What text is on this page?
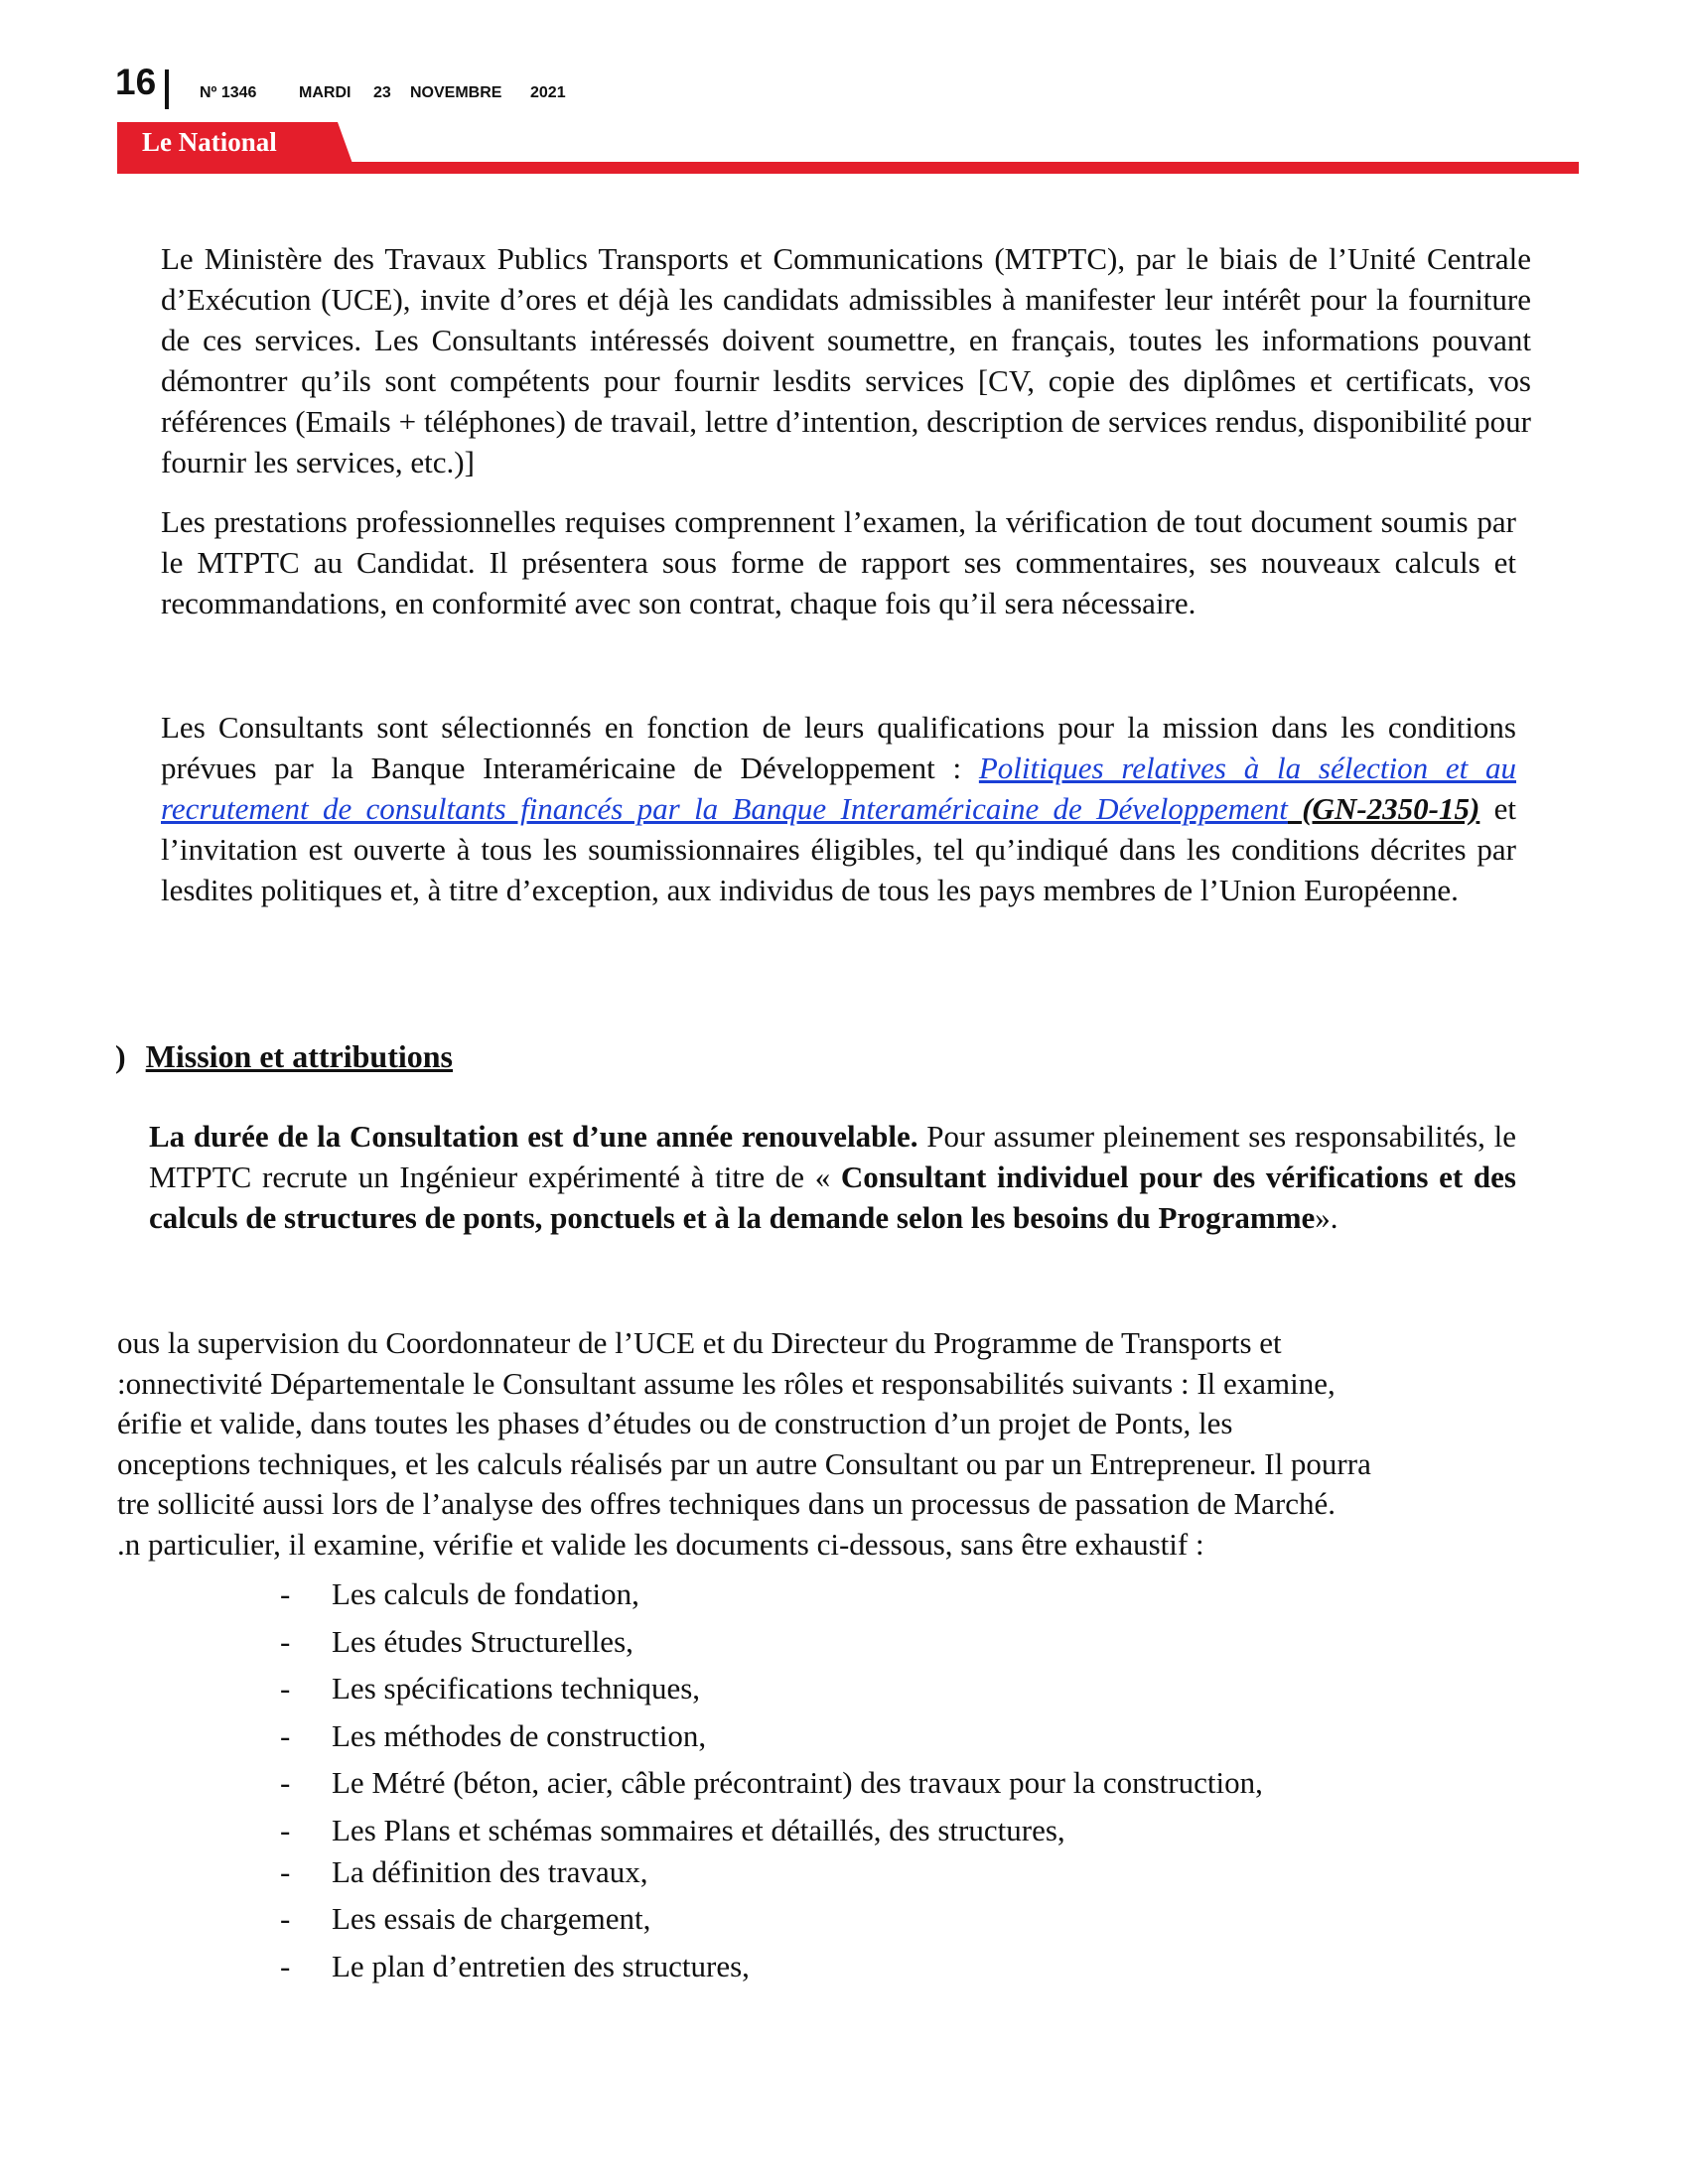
16	Nº 1346	MARDI 23 NOVEMBRE 2021
Le National

Le Ministère des Travaux Publics Transports et Communications (MTPTC), par le biais de l’Unité Centrale d’Exécution (UCE), invite d’ores et déjà les candidats admissibles à manifester leur intérêt pour la fourniture de ces services. Les Consultants intéressés doivent soumettre, en français, toutes les informations pouvant démontrer qu’ils sont compétents pour fournir lesdits services [CV, copie des diplômes et certificats, vos références (Emails + téléphones) de travail, lettre d’intention, description de services rendus, disponibilité pour fournir les services, etc.)]

Les prestations professionnelles requises comprennent l’examen, la vérification de tout document soumis par le MTPTC au Candidat. Il présentera sous forme de rapport ses commentaires, ses nouveaux calculs et recommandations, en conformité avec son contrat, chaque fois qu’il sera nécessaire.

Les Consultants sont sélectionnés en fonction de leurs qualifications pour la mission dans les conditions prévues par la Banque Interaméricaine de Développement : Politiques relatives à la sélection et au recrutement de consultants financés par la Banque Interaméricaine de Développement (GN-2350-15) et l’invitation est ouverte à tous les soumissionnaires éligibles, tel qu’indiqué dans les conditions décrites par lesdites politiques et, à titre d’exception, aux individus de tous les pays membres de l’Union Européenne.

) Mission et attributions

La durée de la Consultation est d’une année renouvelable. Pour assumer pleinement ses responsabilités, le MTPTC recrute un Ingénieur expérimenté à titre de « Consultant individuel pour des vérifications et des calculs de structures de ponts, ponctuels et à la demande selon les besoins du Programme».

ous la supervision du Coordonnateur de l’UCE et du Directeur du Programme de Transports et
:onnectivité Départementale le Consultant assume les rôles et responsabilités suivants : Il examine,
érifie et valide, dans toutes les phases d’études ou de construction d’un projet de Ponts, les
onceptions techniques, et les calculs réalisés par un autre Consultant ou par un Entrepreneur. Il pourra
tre sollicité aussi lors de l’analyse des offres techniques dans un processus de passation de Marché.
.n particulier, il examine, vérifie et valide les documents ci-dessous, sans être exhaustif :
- Les calculs de fondation,
- Les études Structurelles,
- Les spécifications techniques,
- Les méthodes de construction,
- Le Métré (béton, acier, câble précontraint) des travaux pour la construction,
- Les Plans et schémas sommaires et détaillés, des structures,
- La définition des travaux,
- Les essais de chargement,
- Le plan d’entretien des structures,
